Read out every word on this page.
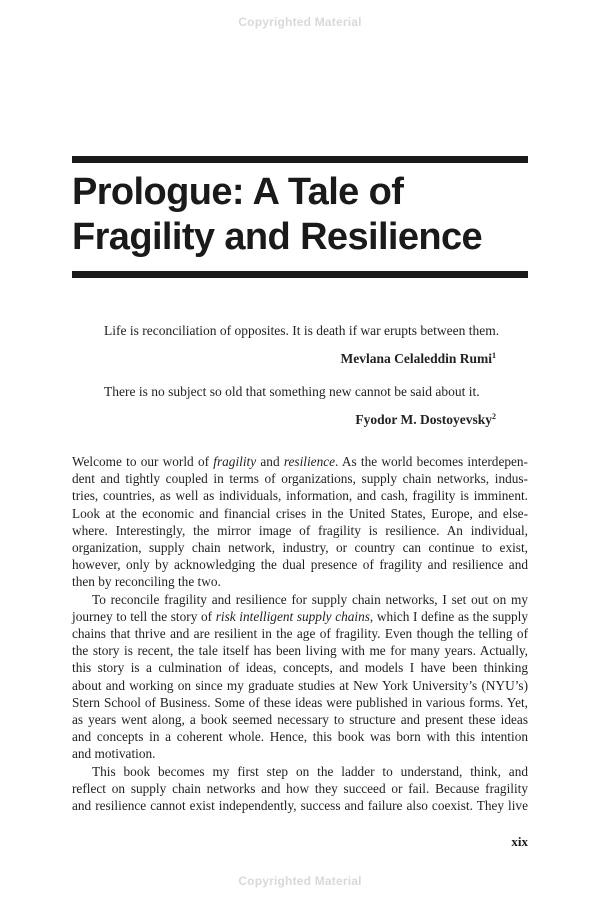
Copyrighted Material
Prologue: A Tale of
Fragility and Resilience

Life is reconciliation of opposites. It is death if war erupts between them.

Mevlana Celaleddin Rumi$^1$

There is no subject so old that something new cannot be said about it.

Fyodor M. Dostoyevsky$^2$

Welcome to our world of fragility and resilience. As the world becomes interdepen-
dent and tightly coupled in terms of organizations, supply chain networks, indus-
tries, countries, as well as individuals, information, and cash, fragility is imminent.
Look at the economic and financial crises in the United States, Europe, and else-
where. Interestingly, the mirror image of fragility is resilience. An individual,
organization, supply chain network, industry, or country can continue to exist,
however, only by acknowledging the dual presence of fragility and resilience and
then by reconciling the two.

To reconcile fragility and resilience for supply chain networks, I set out on my
journey to tell the story of risk intelligent supply chains, which I define as the supply
chains that thrive and are resilient in the age of fragility. Even though the telling of
the story is recent, the tale itself has been living with me for many years. Actually,
this story is a culmination of ideas, concepts, and models I have been thinking
about and working on since my graduate studies at New York University’s (NYU’s)
Stern School of Business. Some of these ideas were published in various forms. Yet,
as years went along, a book seemed necessary to structure and present these ideas
and concepts in a coherent whole. Hence, this book was born with this intention
and motivation.

This book becomes my first step on the ladder to understand, think, and
reflect on supply chain networks and how they succeed or fail. Because fragility
and resilience cannot exist independently, success and failure also coexist. They live

xix

Copyrighted Material
